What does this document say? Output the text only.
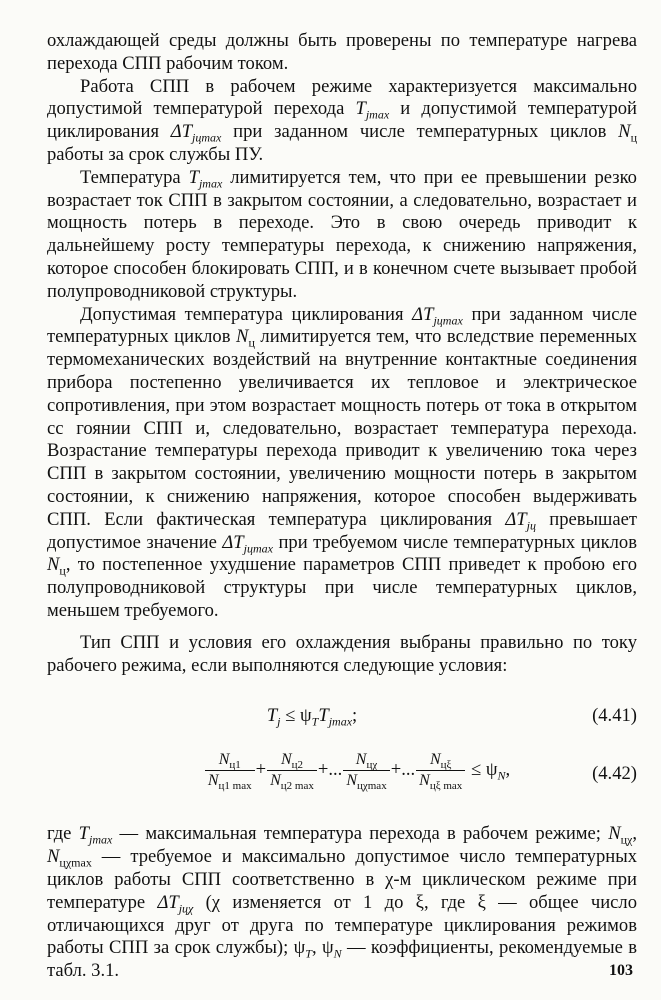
охлаждающей среды должны быть проверены по температуре нагрева перехода СПП рабочим током.

Работа СПП в рабочем режиме характеризуется максимально допустимой температурой перехода $T_{jmax}$ и допустимой температурой циклирования $\Delta T_{jцmax}$ при заданном числе температурных циклов $N_ц$ работы за срок службы ПУ.

Температура $T_{jmax}$ лимитируется тем, что при ее превышении резко возрастает ток СПП в закрытом состоянии, а следовательно, возрастает и мощность потерь в переходе. Это в свою очередь приводит к дальнейшему росту температуры перехода, к снижению напряжения, которое способен блокировать СПП, и в конечном счете вызывает пробой полупроводниковой структуры.

Допустимая температура циклирования $\Delta T_{jцmax}$ при заданном числе температурных циклов $N_ц$ лимитируется тем, что вследствие переменных термомеханических воздействий на внутренние контактные соединения прибора постепенно увеличивается их тепловое и электрическое сопротивления, при этом возрастает мощность потерь от тока в открытом сс гоянии СПП и, следовательно, возрастает температура перехода. Возрастание температуры перехода приводит к увеличению тока через СПП в закрытом состоянии, увеличению мощности потерь в закрытом состоянии, к снижению напряжения, которое способен выдерживать СПП. Если фактическая температура циклирования $\Delta T_{jц}$ превышает допустимое значение $\Delta T_{jцmax}$ при требуемом числе температурных циклов $N_ц$, то постепенное ухудшение параметров СПП приведет к пробою его полупроводниковой структуры при числе температурных циклов, меньшем требуемого.

Тип СПП и условия его охлаждения выбраны правильно по току рабочего режима, если выполняются следующие условия:

$T_j \le \psi_TT_{jmax}$;	(4.41)
$\frac{N_{ц1}}{N_{ц1 max}} + \frac{N_{ц2}}{N_{ц2 max}}$ +... $\frac{N_{ц\chi}}{N_{ц\chi max}}$ +... $\frac{N_{ц\xi}}{N_{ц\xi max}} \le \psi_N$,	(4.42)

где $T_{jmax}$ — максимальная температура перехода в рабочем режиме; $N_{ц\chi}$, $N_{ц\chi max}$ — требуемое и максимально допустимое число температурных циклов работы СПП соответственно в χ-м циклическом режиме при температуре $\Delta T_{jц\chi}$ (χ изменяется от 1 до ξ, где ξ — общее число отличающихся друг от друга по температуре циклирования режимов работы СПП за срок службы); $\psi_T$, $\psi_N$ — коэффициенты, рекомендуемые в табл. 3.1.	103
